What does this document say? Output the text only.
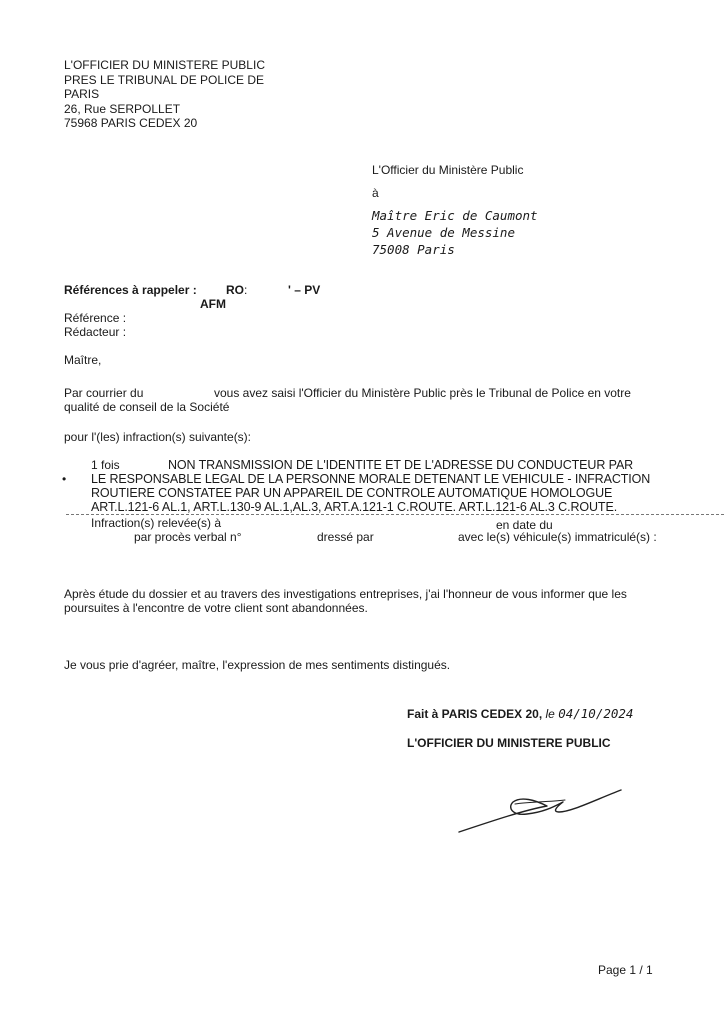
L'OFFICIER DU MINISTERE PUBLIC
PRES LE TRIBUNAL DE POLICE DE
PARIS
26, Rue SERPOLLET
75968 PARIS CEDEX 20
L'Officier du Ministère Public
à
Maître Eric de Caumont
5 Avenue de Messine
75008 Paris
Références à rappeler : RO:	' – PV
AFM
Référence :
Rédacteur :
Maître,
Par courrier du	vous avez saisi l'Officier du Ministère Public près le Tribunal de Police en votre
qualité de conseil de la Société
pour l'(les) infraction(s) suivante(s):
1 fois
•
NON TRANSMISSION DE L'IDENTITE ET DE L'ADRESSE DU CONDUCTEUR PAR
LE RESPONSABLE LEGAL DE LA PERSONNE MORALE DETENANT LE VEHICULE - INFRACTION
ROUTIERE CONSTATEE PAR UN APPAREIL DE CONTROLE AUTOMATIQUE HOMOLOGUE
ART.L.121-6 AL.1, ART.L.130-9 AL.1,AL.3, ART.A.121-1 C.ROUTE. ART.L.121-6 AL.3 C.ROUTE.
Infraction(s) relevée(s) à	en date du
par procès verbal n°	dressé par	avec le(s) véhicule(s) immatriculé(s) :
Après étude du dossier et au travers des investigations entreprises, j'ai l'honneur de vous informer que les
poursuites à l'encontre de votre client sont abandonnées.
Je vous prie d'agréer, maître, l'expression de mes sentiments distingués.
Fait à PARIS CEDEX 20, le 04/10/2024
L'OFFICIER DU MINISTERE PUBLIC
Page 1 / 1
